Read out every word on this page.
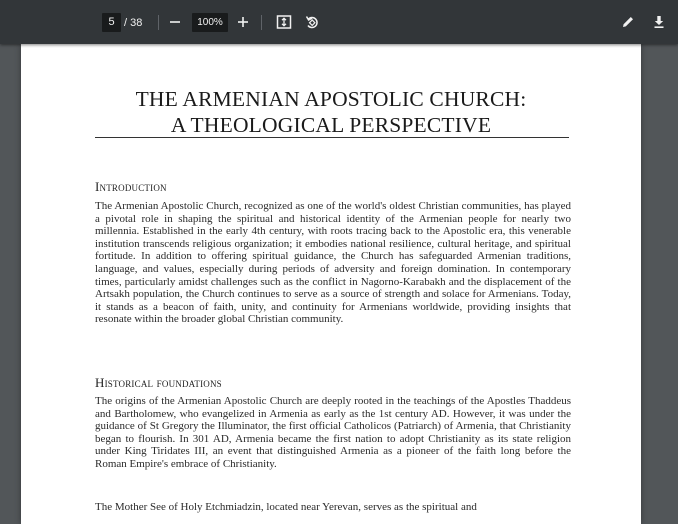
5 / 38	100%
THE ARMENIAN APOSTOLIC CHURCH:
A THEOLOGICAL PERSPECTIVE
Introduction

The Armenian Apostolic Church, recognized as one of the world's oldest Christian communities, has played a pivotal role in shaping the spiritual and historical identity of the Armenian people for nearly two millennia. Established in the early 4th century, with roots tracing back to the Apostolic era, this venerable institution transcends religious organization; it embodies national resilience, cultural heritage, and spiritual fortitude. In addition to offering spiritual guidance, the Church has safeguarded Armenian traditions, language, and values, especially during periods of adversity and foreign domination. In contemporary times, particularly amidst challenges such as the conflict in Nagorno-Karabakh and the displacement of the Artsakh population, the Church continues to serve as a source of strength and solace for Armenians. Today, it stands as a beacon of faith, unity, and continuity for Armenians worldwide, providing insights that resonate within the broader global Christian community.

Historical foundations

The origins of the Armenian Apostolic Church are deeply rooted in the teachings of the Apostles Thaddeus and Bartholomew, who evangelized in Armenia as early as the 1st century AD. However, it was under the guidance of St Gregory the Illuminator, the first official Catholicos (Patriarch) of Armenia, that Christianity began to flourish. In 301 AD, Armenia became the first nation to adopt Christianity as its state religion under King Tiridates III, an event that distinguished Armenia as a pioneer of the faith long before the Roman Empire's embrace of Christianity.

The Mother See of Holy Etchmiadzin, located near Yerevan, serves as the spiritual and
